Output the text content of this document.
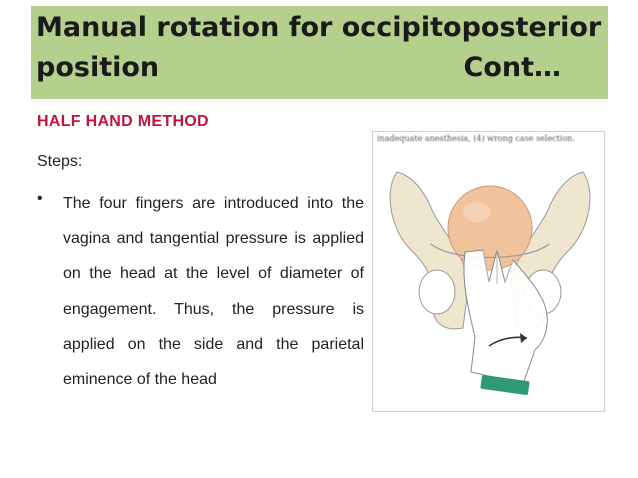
Manual rotation for occipitoposterior
position	Cont…
HALF HAND METHOD
Steps:
• The four fingers are introduced into the vagina and tangential pressure is applied on the head at the level of diameter of engagement. Thus, the pressure is applied on the side and the parietal eminence of the head

inadequate anesthesia, (4) wrong case selection.
